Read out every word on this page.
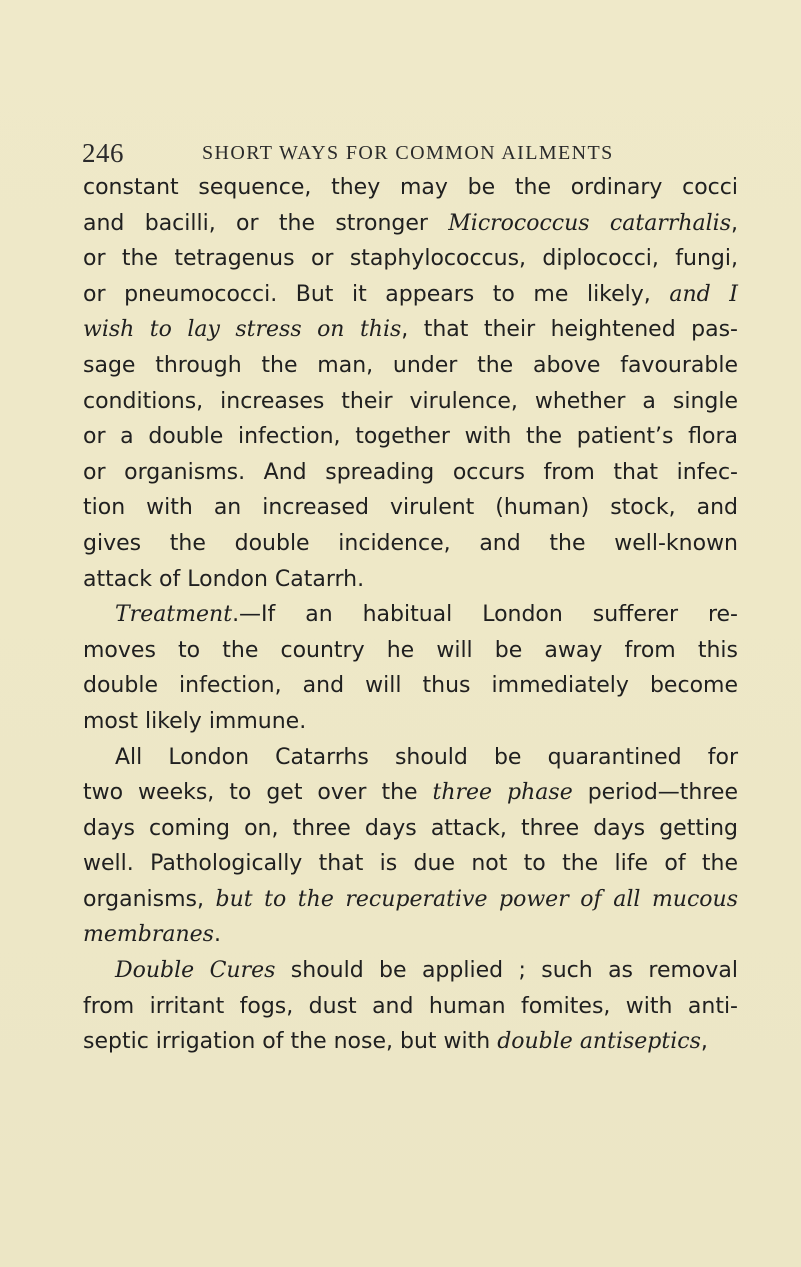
246	SHORT WAYS FOR COMMON AILMENTS

constant sequence, they may be the ordinary cocci
and bacilli, or the stronger Micrococcus catarrhalis,
or the tetragenus or staphylococcus, diplococci, fungi,
or pneumococci. But it appears to me likely, and I
wish to lay stress on this, that their heightened pas-
sage through the man, under the above favourable
conditions, increases their virulence, whether a single
or a double infection, together with the patient’s flora
or organisms. And spreading occurs from that infec-
tion with an increased virulent (human) stock, and
gives the double incidence, and the well-known
attack of London Catarrh.

Treatment.—If an habitual London sufferer re-
moves to the country he will be away from this
double infection, and will thus immediately become
most likely immune.

All London Catarrhs should be quarantined for
two weeks, to get over the three phase period—three
days coming on, three days attack, three days getting
well. Pathologically that is due not to the life of the
organisms, but to the recuperative power of all mucous
membranes.

Double Cures should be applied ; such as removal
from irritant fogs, dust and human fomites, with anti-
septic irrigation of the nose, but with double antiseptics,
